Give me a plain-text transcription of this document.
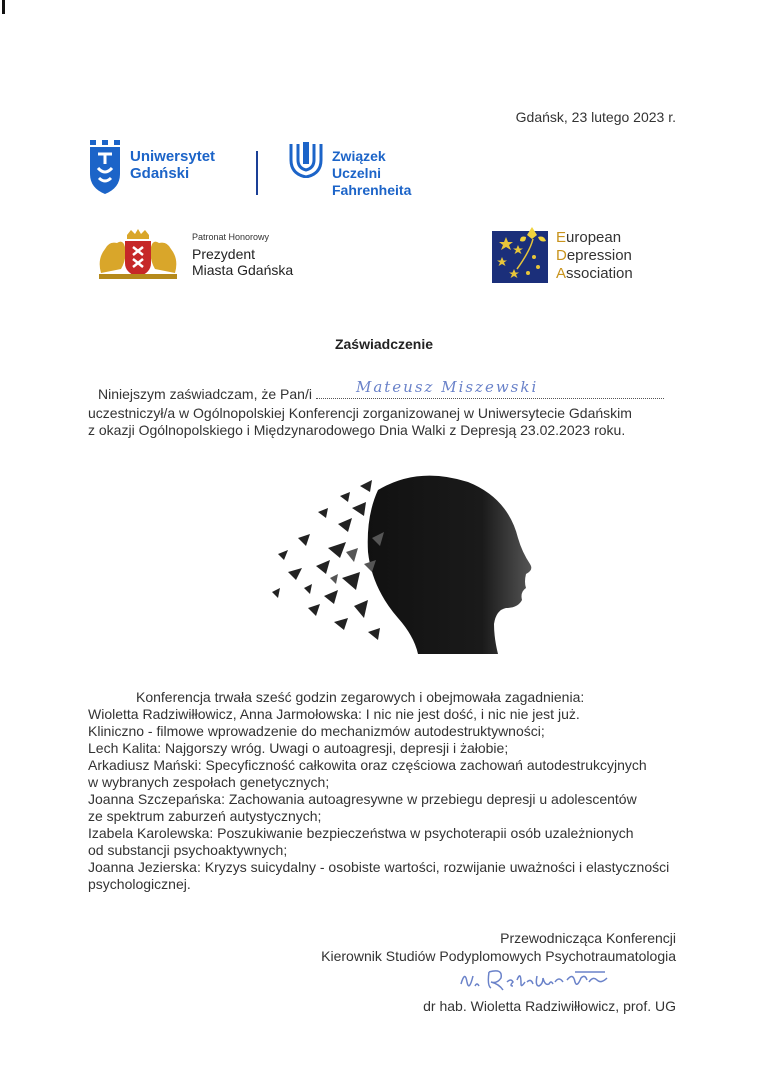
Gdańsk, 23 lutego 2023 r.
Uniwersytet
Gdański
Związek
Uczelni
Fahrenheita
Patronat Honorowy
Prezydent
Miasta Gdańska
European
Depression
Association
Zaświadczenie
Niniejszym zaświadczam, że Pan/i	Mateusz Miszewski
uczestniczył/a w Ogólnopolskiej Konferencji zorganizowanej w Uniwersytecie Gdańskim
z okazji Ogólnopolskiego i Międzynarodowego Dnia Walki z Depresją 23.02.2023 roku.
Konferencja trwała sześć godzin zegarowych i obejmowała zagadnienia:
Wioletta Radziwiłłowicz, Anna Jarmołowska: I nic nie jest dość, i nic nie jest już.
Kliniczno - filmowe wprowadzenie do mechanizmów autodestruktywności;
Lech Kalita: Najgorszy wróg. Uwagi o autoagresji, depresji i żałobie;
Arkadiusz Mański: Specyficzność całkowita oraz częściowa zachowań autodestrukcyjnych
w wybranych zespołach genetycznych;
Joanna Szczepańska: Zachowania autoagresywne w przebiegu depresji u adolescentów
ze spektrum zaburzeń autystycznych;
Izabela Karolewska: Poszukiwanie bezpieczeństwa w psychoterapii osób uzależnionych
od substancji psychoaktywnych;
Joanna Jezierska: Kryzys suicydalny - osobiste wartości, rozwijanie uważności i elastyczności
psychologicznej.
Przewodnicząca Konferencji
Kierownik Studiów Podyplomowych Psychotraumatologia
dr hab. Wioletta Radziwiłłowicz, prof. UG
